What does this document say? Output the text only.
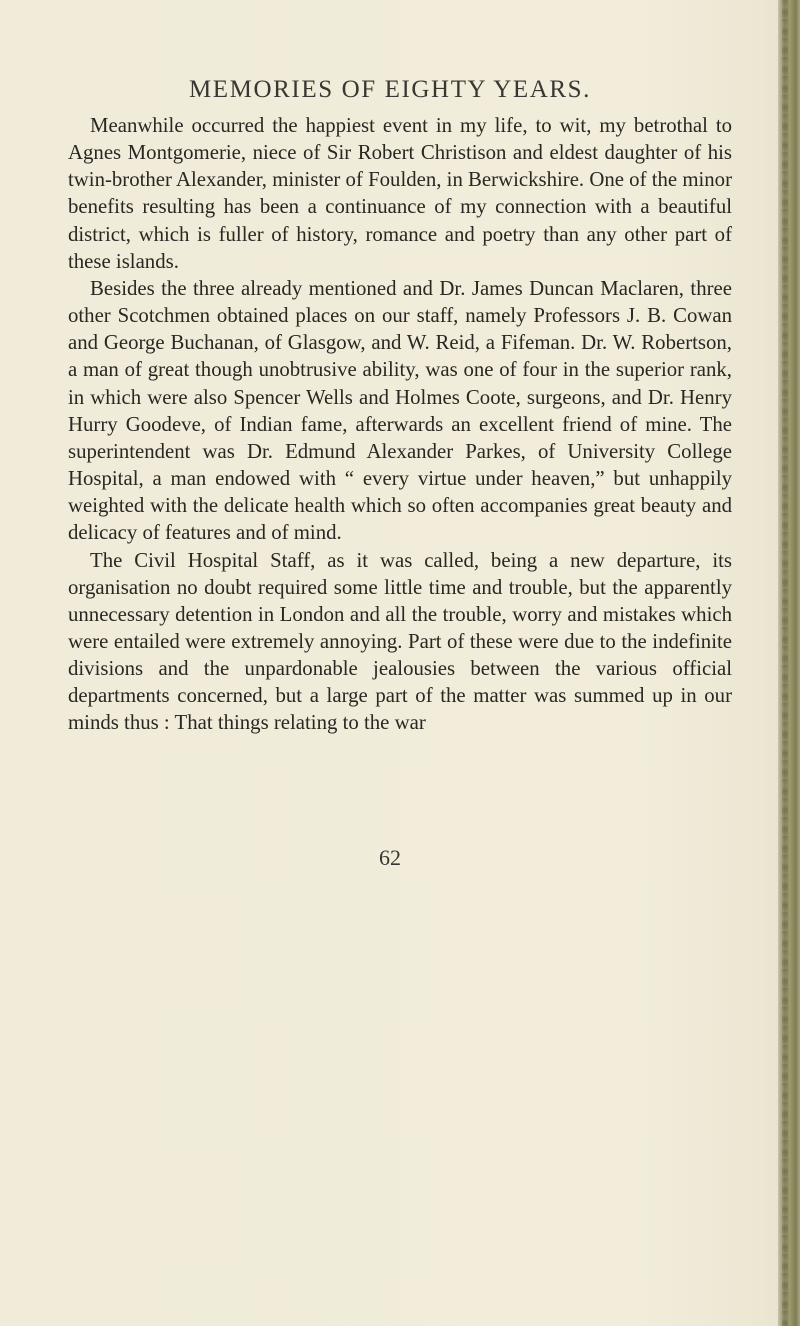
MEMORIES OF EIGHTY YEARS.

Meanwhile occurred the happiest event in my life, to wit, my betrothal to Agnes Montgomerie, niece of Sir Robert Christison and eldest daughter of his twin-brother Alexander, minister of Foulden, in Berwickshire. One of the minor benefits resulting has been a continuance of my connection with a beautiful district, which is fuller of history, romance and poetry than any other part of these islands.

Besides the three already mentioned and Dr. James Duncan Maclaren, three other Scotchmen obtained places on our staff, namely Professors J. B. Cowan and George Buchanan, of Glasgow, and W. Reid, a Fifeman. Dr. W. Robertson, a man of great though unobtrusive ability, was one of four in the superior rank, in which were also Spencer Wells and Holmes Coote, surgeons, and Dr. Henry Hurry Goodeve, of Indian fame, afterwards an excellent friend of mine. The superintendent was Dr. Edmund Alexander Parkes, of University College Hospital, a man endowed with “ every virtue under heaven,” but unhappily weighted with the delicate health which so often accompanies great beauty and delicacy of features and of mind.

The Civil Hospital Staff, as it was called, being a new departure, its organisation no doubt required some little time and trouble, but the apparently unnecessary detention in London and all the trouble, worry and mistakes which were entailed were extremely annoying. Part of these were due to the indefinite divisions and the unpardonable jealousies between the various official departments concerned, but a large part of the matter was summed up in our minds thus : That things relating to the war

62
